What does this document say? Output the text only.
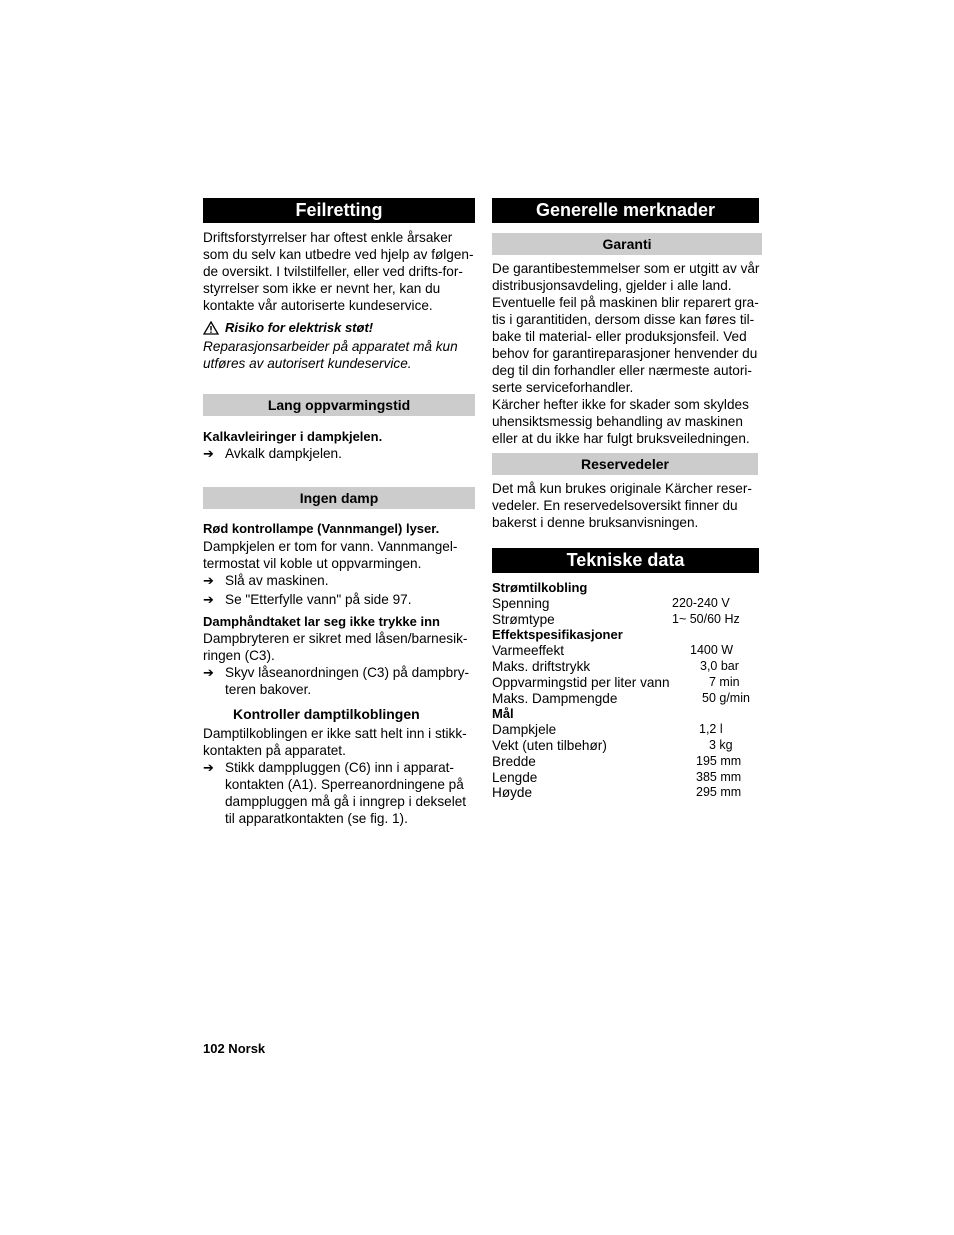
Feilretting

Driftsforstyrrelser har oftest enkle årsaker som du selv kan utbedre ved hjelp av følgen-de oversikt. I tvilstilfeller, eller ved drifts-for-styrrelser som ikke er nevnt her, kan du kontakte vår autoriserte kundeservice.

Risiko for elektrisk støt!

Reparasjonsarbeider på apparatet må kun utføres av autorisert kundeservice.

Lang oppvarmingstid

Kalkavleiringer i dampkjelen.

➔ Avkalk dampkjelen.
Ingen damp

Rød kontrollampe (Vannmangel) lyser.

Dampkjelen er tom for vann. Vannmangel-termostat vil koble ut oppvarmingen.

➔ Slå av maskinen.
➔ Se "Etterfylle vann" på side 97.

Damphåndtaket lar seg ikke trykke inn

Dampbryteren er sikret med låsen/barnesik-ringen (C3).

➔ Skyv låseanordningen (C3) på dampbry-teren bakover.

Kontroller damptilkoblingen

Damptilkoblingen er ikke satt helt inn i stikk-kontakten på apparatet.

➔ Stikk damppluggen (C6) inn i apparat-kontakten (A1). Sperreanordningene på damppluggen må gå i inngrep i dekselet til apparatkontakten (se fig. 1).
Generelle merknader
Garanti

De garantibestemmelser som er utgitt av vår distribusjonsavdeling, gjelder i alle land. Eventuelle feil på maskinen blir reparert gra-tis i garantitiden, dersom disse kan føres til-bake til material- eller produksjonsfeil. Ved behov for garantireparasjoner henvender du deg til din forhandler eller nærmeste autori-serte serviceforhandler.

Kärcher hefter ikke for skader som skyldes uhensiktsmessig behandling av maskinen eller at du ikke har fulgt bruksveiledningen.

Reservedeler

Det må kun brukes originale Kärcher reser-vedeler. En reservedelsoversikt finner du bakerst i denne bruksanvisningen.

Tekniske data
Strømtilkobling	
Spenning	220-240 V
Strømtype	1~ 50/60 Hz
Effektspesifikasjoner	
Varmeeffekt	1400 W
Maks. driftstrykk	3,0 bar
Oppvarmingstid per liter vann	7 min
Maks. Dampmengde	50 g/min
Mål	
Dampkjele	1,2 l
Vekt (uten tilbehør)	3 kg
Bredde	195 mm
Lengde	385 mm
Høyde	295 mm
102 Norsk
